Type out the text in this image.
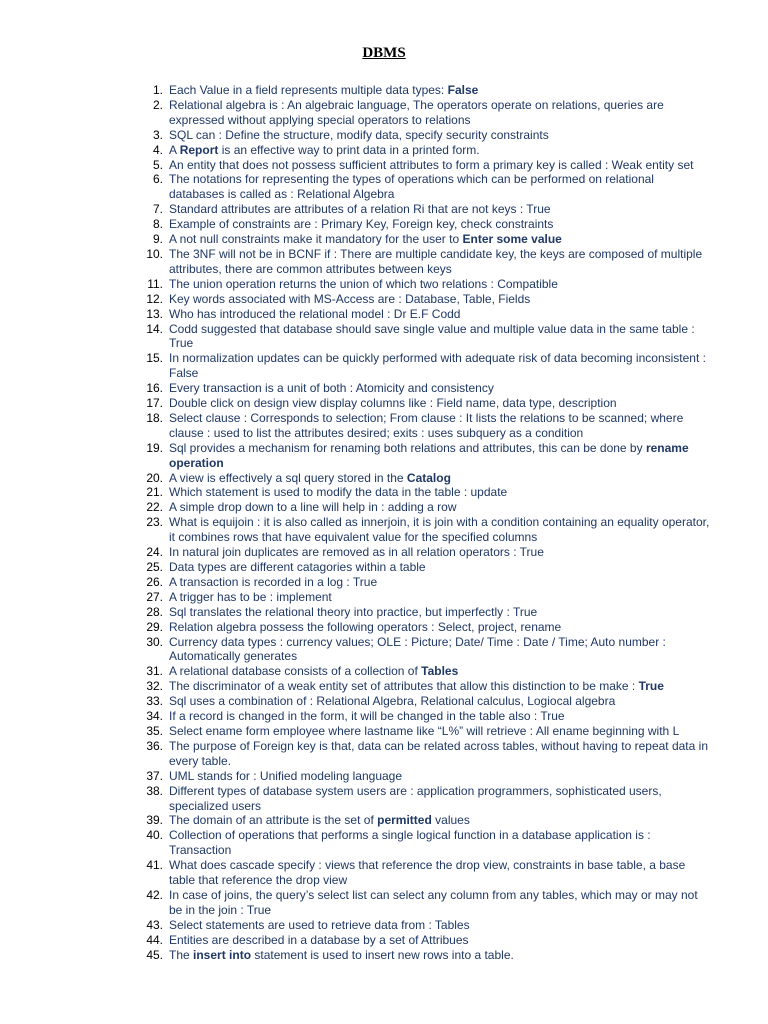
DBMS
1. Each Value in a field represents multiple data types: False
2. Relational algebra is : An algebraic language, The operators operate on relations, queries are expressed without applying special operators to relations
3. SQL can : Define the structure, modify data, specify security constraints
4. A Report is an effective way to print data in a printed form.
5. An entity that does not possess sufficient attributes to form a primary key is called : Weak entity set
6. The notations for representing the types of operations which can be performed on relational databases is called as : Relational Algebra
7. Standard attributes are attributes of a relation Ri that are not keys : True
8. Example of constraints are : Primary Key, Foreign key, check constraints
9. A not null constraints make it mandatory for the user to Enter some value
10. The 3NF will not be in BCNF if : There are multiple candidate key, the keys are composed of multiple attributes, there are common attributes between keys
11. The union operation returns the union of which two relations : Compatible
12. Key words associated with MS-Access are : Database, Table, Fields
13. Who has introduced the relational model : Dr E.F Codd
14. Codd suggested that database should save single value and multiple value data in the same table : True
15. In normalization updates can be quickly performed with adequate risk of data becoming inconsistent : False
16. Every transaction is a unit of both : Atomicity and consistency
17. Double click on design view display columns like : Field name, data type, description
18. Select clause : Corresponds to selection; From clause : It lists the relations to be scanned; where clause : used to list the attributes desired; exits : uses subquery as a condition
19. Sql provides a mechanism for renaming both relations and attributes, this can be done by rename operation
20. A view is effectively a sql query stored in the Catalog
21. Which statement is used to modify the data in the table : update
22. A simple drop down to a line will help in : adding a row
23. What is equijoin : it is also called as innerjoin, it is join with a condition containing an equality operator, it combines rows that have equivalent value for the specified columns
24. In natural join duplicates are removed as in all relation operators : True
25. Data types are different catagories within a table
26. A transaction is recorded in a log : True
27. A trigger has to be : implement
28. Sql translates the relational theory into practice, but imperfectly : True
29. Relation algebra possess the following operators : Select, project, rename
30. Currency data types : currency values; OLE : Picture; Date/ Time : Date / Time; Auto number : Automatically generates
31. A relational database consists of a collection of Tables
32. The discriminator of a weak entity set of attributes that allow this distinction to be make : True
33. Sql uses a combination of : Relational Algebra, Relational calculus, Logiocal algebra
34. If a record is changed in the form, it will be changed in the table also : True
35. Select ename form employee where lastname like “L%” will retrieve : All ename beginning with L
36. The purpose of Foreign key is that, data can be related across tables, without having to repeat data in every table.
37. UML stands for : Unified modeling language
38. Different types of database system users are : application programmers, sophisticated users, specialized users
39. The domain of an attribute is the set of permitted values
40. Collection of operations that performs a single logical function in a database application is : Transaction
41. What does cascade specify : views that reference the drop view, constraints in base table, a base table that reference the drop view
42. In case of joins, the query’s select list can select any column from any tables, which may or may not be in the join : True
43. Select statements are used to retrieve data from : Tables
44. Entities are described in a database by a set of Attribues
45. The insert into statement is used to insert new rows into a table.
